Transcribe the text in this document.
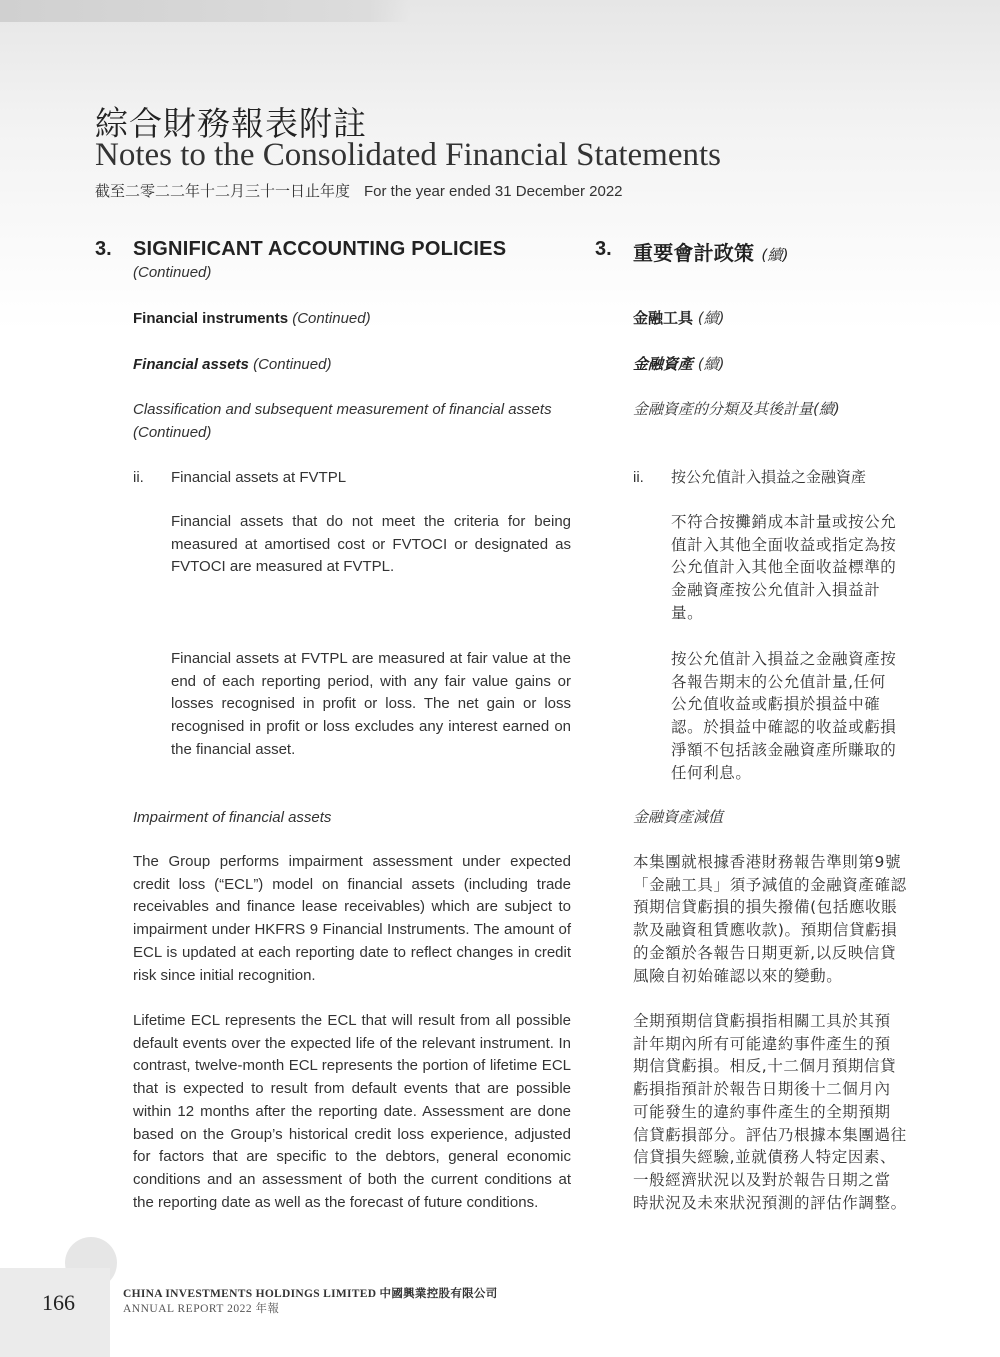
綜合財務報表附註
Notes to the Consolidated Financial Statements
截至二零二二年十二月三十一日止年度 For the year ended 31 December 2022
3. SIGNIFICANT ACCOUNTING POLICIES
(Continued)
Financial instruments (Continued)
Financial assets (Continued)
Classification and subsequent measurement of financial assets
(Continued)
ii. Financial assets at FVTPL
Financial assets that do not meet the criteria for being measured at amortised cost or FVTOCI or designated as FVTOCI are measured at FVTPL.
Financial assets at FVTPL are measured at fair value at the end of each reporting period, with any fair value gains or losses recognised in profit or loss. The net gain or loss recognised in profit or loss excludes any interest earned on the financial asset.
Impairment of financial assets
The Group performs impairment assessment under expected credit loss (“ECL”) model on financial assets (including trade receivables and finance lease receivables) which are subject to impairment under HKFRS 9 Financial Instruments. The amount of ECL is updated at each reporting date to reflect changes in credit risk since initial recognition.
Lifetime ECL represents the ECL that will result from all possible default events over the expected life of the relevant instrument. In contrast, twelve-month ECL represents the portion of lifetime ECL that is expected to result from default events that are possible within 12 months after the reporting date. Assessment are done based on the Group’s historical credit loss experience, adjusted for factors that are specific to the debtors, general economic conditions and an assessment of both the current conditions at the reporting date as well as the forecast of future conditions.
3. 重要會計政策 (續)
金融工具 (續)
金融資產 (續)
金融資產的分類及其後計量(續)
ii. 按公允值計入損益之金融資產
不符合按攤銷成本計量或按公允
值計入其他全面收益或指定為按
公允值計入其他全面收益標準的
金融資產按公允值計入損益計
量。
按公允值計入損益之金融資產按
各報告期末的公允值計量,任何
公允值收益或虧損於損益中確
認。於損益中確認的收益或虧損
淨額不包括該金融資產所賺取的
任何利息。
金融資產減值
本集團就根據香港財務報告準則第9號
「金融工具」須予減值的金融資產確認
預期信貸虧損的損失撥備(包括應收賬
款及融資租賃應收款)。預期信貸虧損
的金額於各報告日期更新,以反映信貸
風險自初始確認以來的變動。
全期預期信貸虧損指相關工具於其預
計年期內所有可能違約事件產生的預
期信貸虧損。相反,十二個月預期信貸
虧損指預計於報告日期後十二個月內
可能發生的違約事件產生的全期預期
信貸虧損部分。評估乃根據本集團過往
信貸損失經驗,並就債務人特定因素、
一般經濟狀況以及對於報告日期之當
時狀況及未來狀況預測的評估作調整。
166	CHINA INVESTMENTS HOLDINGS LIMITED 中國興業控股有限公司
ANNUAL REPORT 2022 年報
